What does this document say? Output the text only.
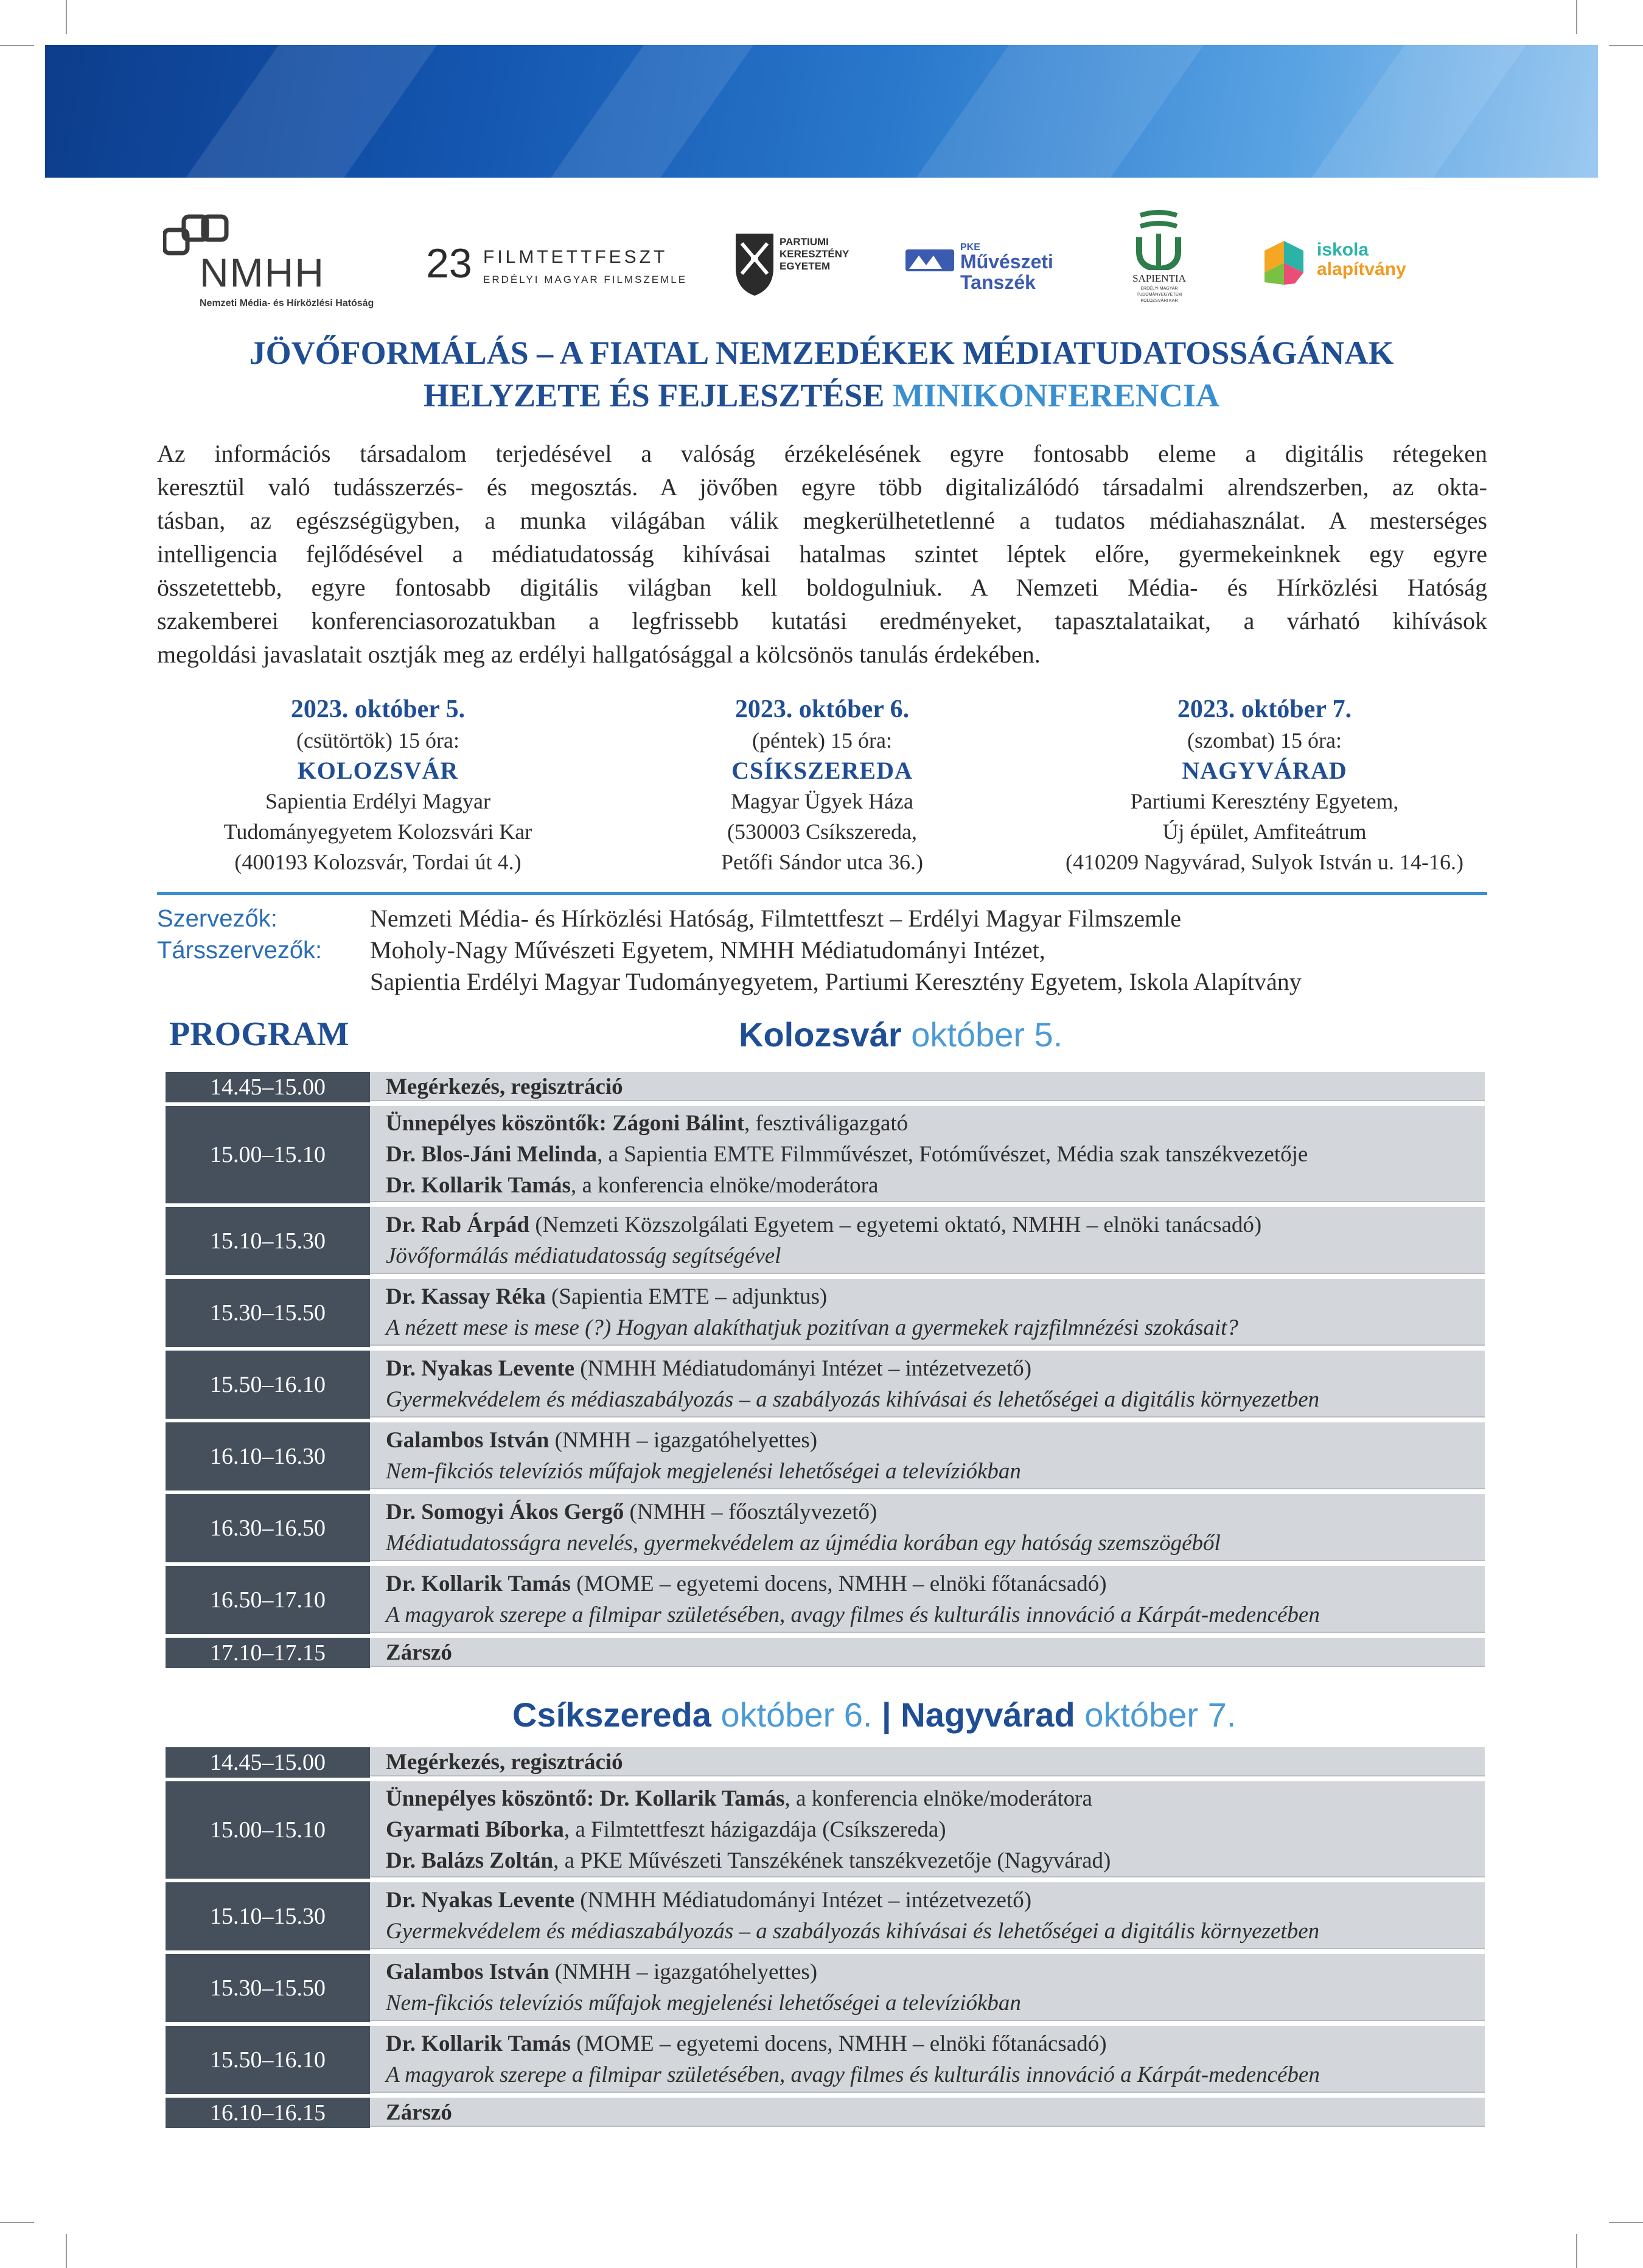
NMHH
Nemzeti Média- és Hírközlési Hatóság
23 FILMTETTFESZT
ERDÉLYI MAGYAR FILMSZEMLE
PARTIUMI
KERESZTÉNY
EGYETEM
PKE
Művészeti
Tanszék	SAPIENTIA
ERDÉLYI MAGYAR TUDOMÁNYEGYETEM KOLOZSVÁRI KAR
iskola
alapítvány
JÖVŐFORMÁLÁS – A FIATAL NEMZEDÉKEK MÉDIATUDATOSSÁGÁNAK
HELYZETE ÉS FEJLESZTÉSE MINIKONFERENCIA
Az információs társadalom terjedésével a valóság érzékelésének egyre fontosabb eleme a digitális rétegeken
keresztül való tudásszerzés- és megosztás. A jövőben egyre több digitalizálódó társadalmi alrendszerben, az okta-
tásban, az egészségügyben, a munka világában válik megkerülhetetlenné a tudatos médiahasználat. A mesterséges
intelligencia fejlődésével a médiatudatosság kihívásai hatalmas szintet léptek előre, gyermekeinknek egy egyre
összetettebb, egyre fontosabb digitális világban kell boldogulniuk. A Nemzeti Média- és Hírközlési Hatóság
szakemberei konferenciasorozatukban a legfrissebb kutatási eredményeket, tapasztalataikat, a várható kihívások
megoldási javaslatait osztják meg az erdélyi hallgatósággal a kölcsönös tanulás érdekében.
2023. október 5.
(csütörtök) 15 óra:
KOLOZSVÁR
Sapientia Erdélyi Magyar
Tudományegyetem Kolozsvári Kar
(400193 Kolozsvár, Tordai út 4.)
2023. október 6.
(péntek) 15 óra:
CSÍKSZEREDA
Magyar Ügyek Háza
(530003 Csíkszereda,
Petőfi Sándor utca 36.)
2023. október 7.
(szombat) 15 óra:
NAGYVÁRAD
Partiumi Keresztény Egyetem,
Új épület, Amfiteátrum
(410209 Nagyvárad, Sulyok István u. 14-16.)
Szervezők:	Nemzeti Média- és Hírközlési Hatóság, Filmtettfeszt – Erdélyi Magyar Filmszemle
Társszervezők: Moholy-Nagy Művészeti Egyetem, NMHH Médiatudományi Intézet,
Sapientia Erdélyi Magyar Tudományegyetem, Partiumi Keresztény Egyetem, Iskola Alapítvány
PROGRAM	Kolozsvár október 5.
14.45–15.00	Megérkezés, regisztráció
15.00–15.10
Ünnepélyes köszöntők: Zágoni Bálint, fesztiváligazgató
Dr. Blos-Jáni Melinda, a Sapientia EMTE Filmművészet, Fotóművészet, Média szak tanszékvezetője
Dr. Kollarik Tamás, a konferencia elnöke/moderátora
15.10–15.30
Dr. Rab Árpád (Nemzeti Közszolgálati Egyetem – egyetemi oktató, NMHH – elnöki tanácsadó)
Jövőformálás médiatudatosság segítségével
15.30–15.50
Dr. Kassay Réka (Sapientia EMTE – adjunktus)
A nézett mese is mese (?) Hogyan alakíthatjuk pozitívan a gyermekek rajzfilmnézési szokásait?
15.50–16.10
Dr. Nyakas Levente (NMHH Médiatudományi Intézet – intézetvezető)
Gyermekvédelem és médiaszabályozás – a szabályozás kihívásai és lehetőségei a digitális környezetben
16.10–16.30
Galambos István (NMHH – igazgatóhelyettes)
Nem-fikciós televíziós műfajok megjelenési lehetőségei a televíziókban
16.30–16.50
Dr. Somogyi Ákos Gergő (NMHH – főosztályvezető)
Médiatudatosságra nevelés, gyermekvédelem az újmédia korában egy hatóság szemszögéből
16.50–17.10
Dr. Kollarik Tamás (MOME – egyetemi docens, NMHH – elnöki főtanácsadó)
A magyarok szerepe a filmipar születésében, avagy filmes és kulturális innováció a Kárpát-medencében
17.10–17.15	Zárszó
Csíkszereda október 6. | Nagyvárad október 7.
14.45–15.00	Megérkezés, regisztráció
15.00–15.10
Ünnepélyes köszöntő: Dr. Kollarik Tamás, a konferencia elnöke/moderátora
Gyarmati Bíborka, a Filmtettfeszt házigazdája (Csíkszereda)
Dr. Balázs Zoltán, a PKE Művészeti Tanszékének tanszékvezetője (Nagyvárad)
15.10–15.30
Dr. Nyakas Levente (NMHH Médiatudományi Intézet – intézetvezető)
Gyermekvédelem és médiaszabályozás – a szabályozás kihívásai és lehetőségei a digitális környezetben
15.30–15.50
Galambos István (NMHH – igazgatóhelyettes)
Nem-fikciós televíziós műfajok megjelenési lehetőségei a televíziókban
15.50–16.10
Dr. Kollarik Tamás (MOME – egyetemi docens, NMHH – elnöki főtanácsadó)
A magyarok szerepe a filmipar születésében, avagy filmes és kulturális innováció a Kárpát-medencében
16.10–16.15	Zárszó
